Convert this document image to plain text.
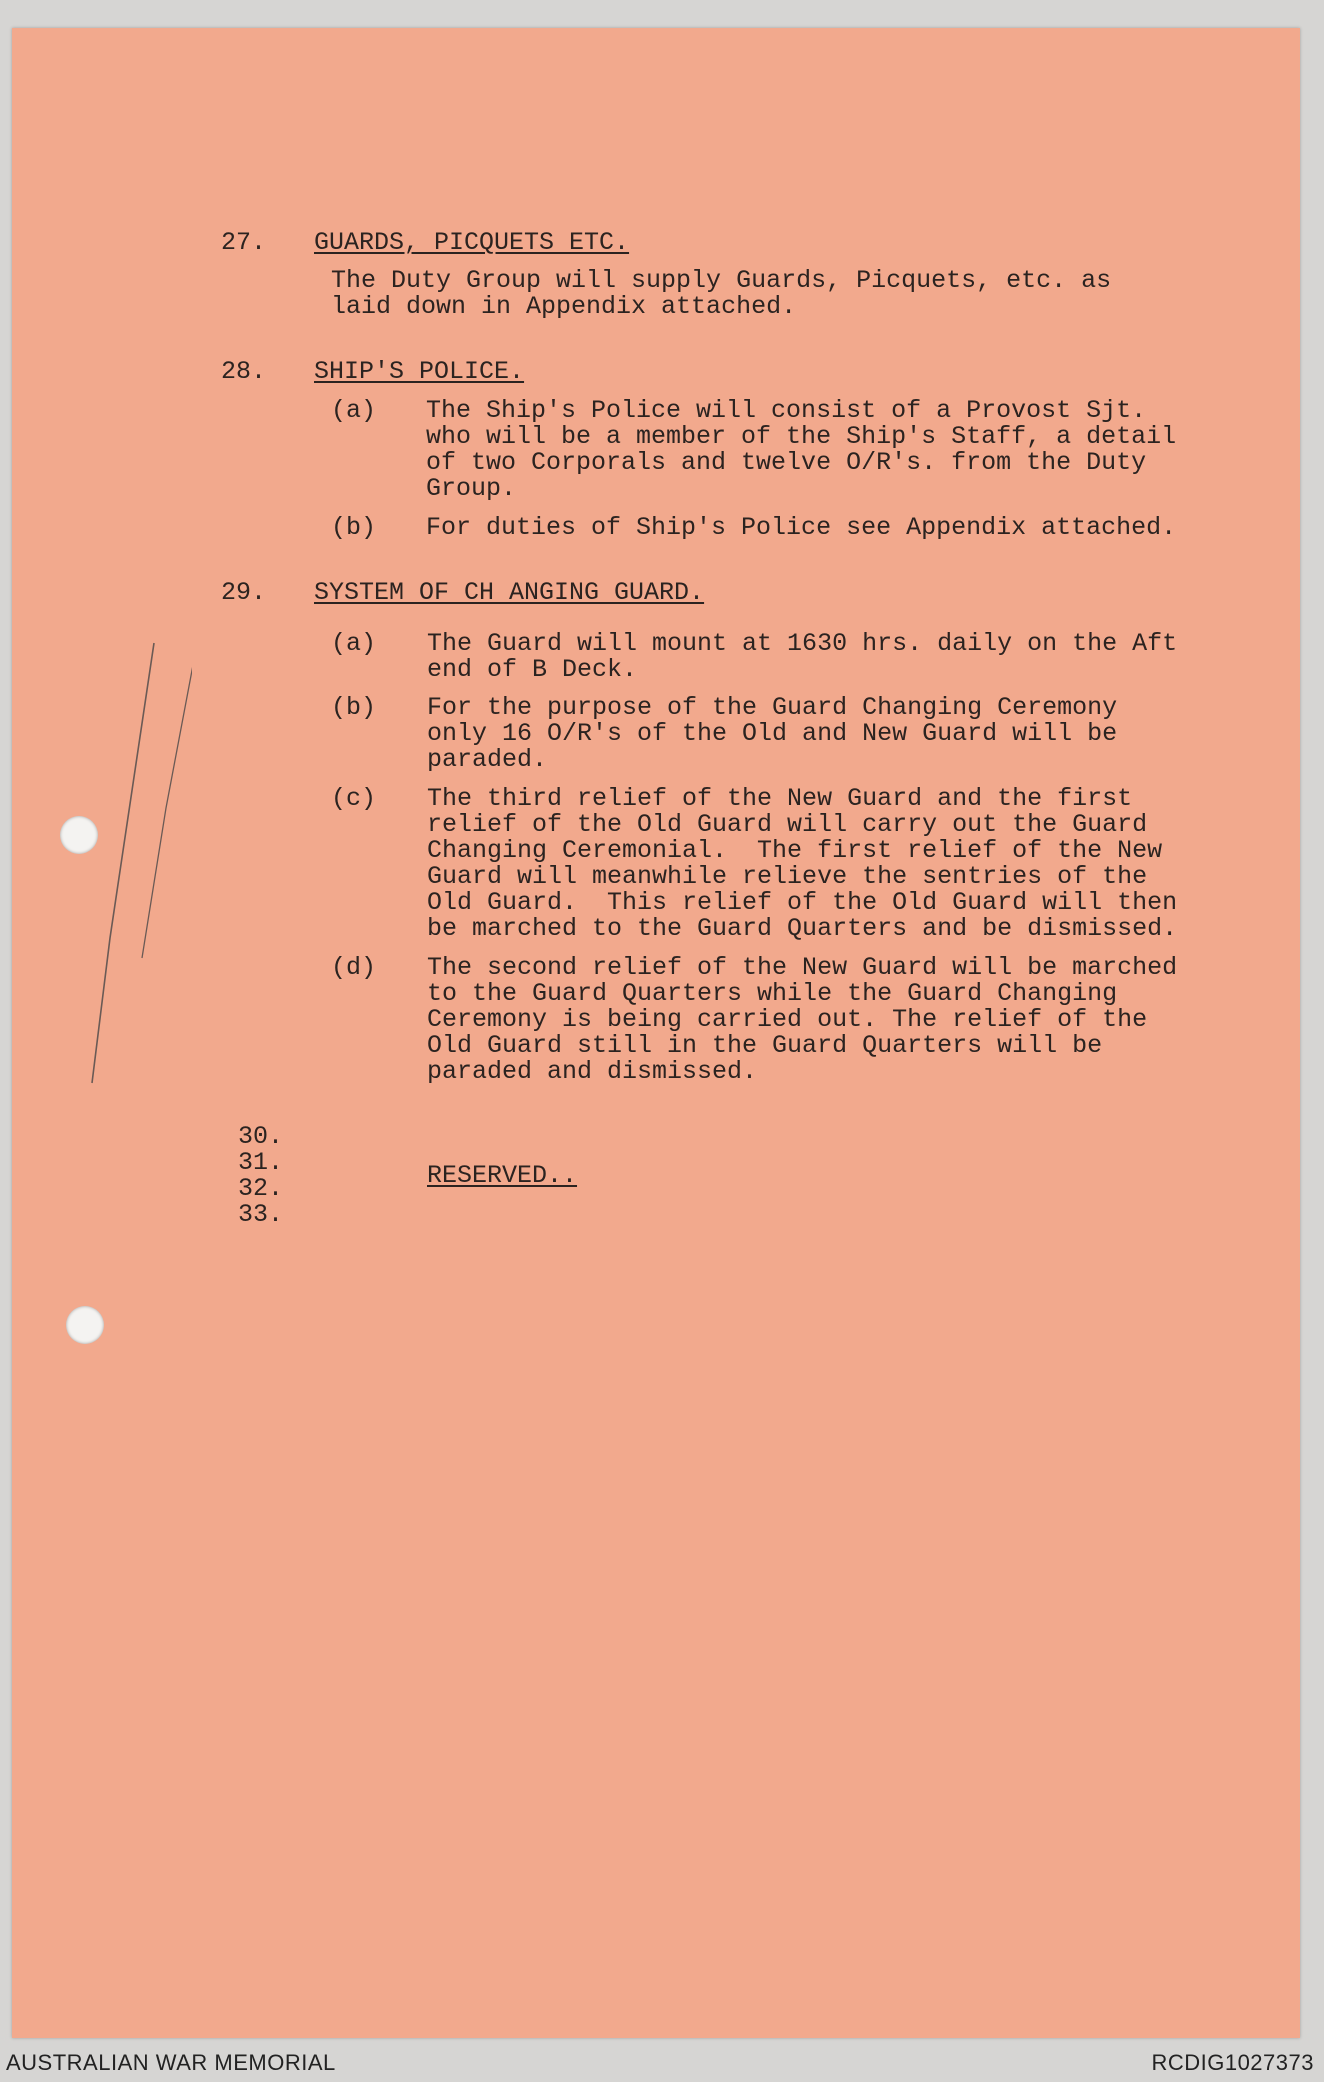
27. GUARDS, PICQUETS ETC.
The Duty Group will supply Guards, Picquets, etc. as
laid down in Appendix attached.
28. SHIP'S POLICE.
(a) The Ship's Police will consist of a Provost Sjt.
who will be a member of the Ship's Staff, a detail
of two Corporals and twelve O/R's. from the Duty
Group.
(b) For duties of Ship's Police see Appendix attached.
29. SYSTEM OF CH ANGING GUARD.
(a) The Guard will mount at 1630 hrs. daily on the Aft
end of B Deck.
(b) For the purpose of the Guard Changing Ceremony
only 16 O/R's of the Old and New Guard will be
paraded.
(c) The third relief of the New Guard and the first
relief of the Old Guard will carry out the Guard
Changing Ceremonial.  The first relief of the New
Guard will meanwhile relieve the sentries of the
Old Guard.  This relief of the Old Guard will then
be marched to the Guard Quarters and be dismissed.
(d) The second relief of the New Guard will be marched
to the Guard Quarters while the Guard Changing
Ceremony is being carried out. The relief of the
Old Guard still in the Guard Quarters will be
paraded and dismissed.
30.
31.
32.
33.
RESERVED..
AUSTRALIAN WAR MEMORIAL	RCDIG1027373
